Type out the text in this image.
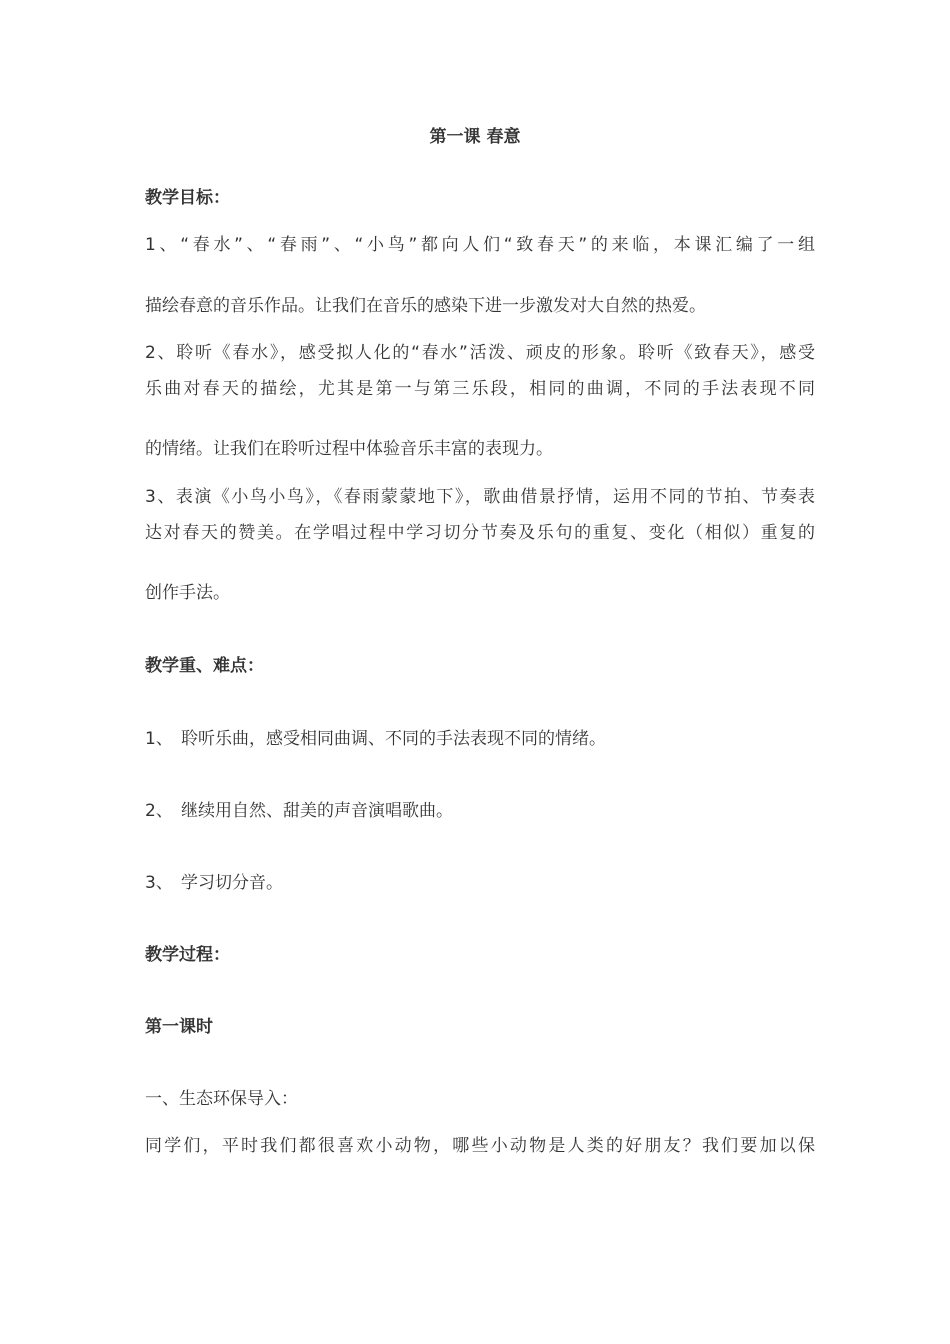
第一课 春意
教学目标：
1、“春水”、“春雨”、“小鸟”都向人们“致春天”的来临，本课汇编了一组
描绘春意的音乐作品。让我们在音乐的感染下进一步激发对大自然的热爱。
2、聆听《春水》，感受拟人化的“春水”活泼、顽皮的形象。聆听《致春天》，感受
乐曲对春天的描绘，尤其是第一与第三乐段，相同的曲调，不同的手法表现不同
的情绪。让我们在聆听过程中体验音乐丰富的表现力。
3、表演《小鸟小鸟》，《春雨蒙蒙地下》，歌曲借景抒情，运用不同的节拍、节奏表
达对春天的赞美。在学唱过程中学习切分节奏及乐句的重复、变化（相似）重复的
创作手法。
教学重、难点：
1、 聆听乐曲，感受相同曲调、不同的手法表现不同的情绪。
2、 继续用自然、甜美的声音演唱歌曲。
3、 学习切分音。
教学过程：
第一课时
一、生态环保导入：
同学们，平时我们都很喜欢小动物，哪些小动物是人类的好朋友？我们要加以保
